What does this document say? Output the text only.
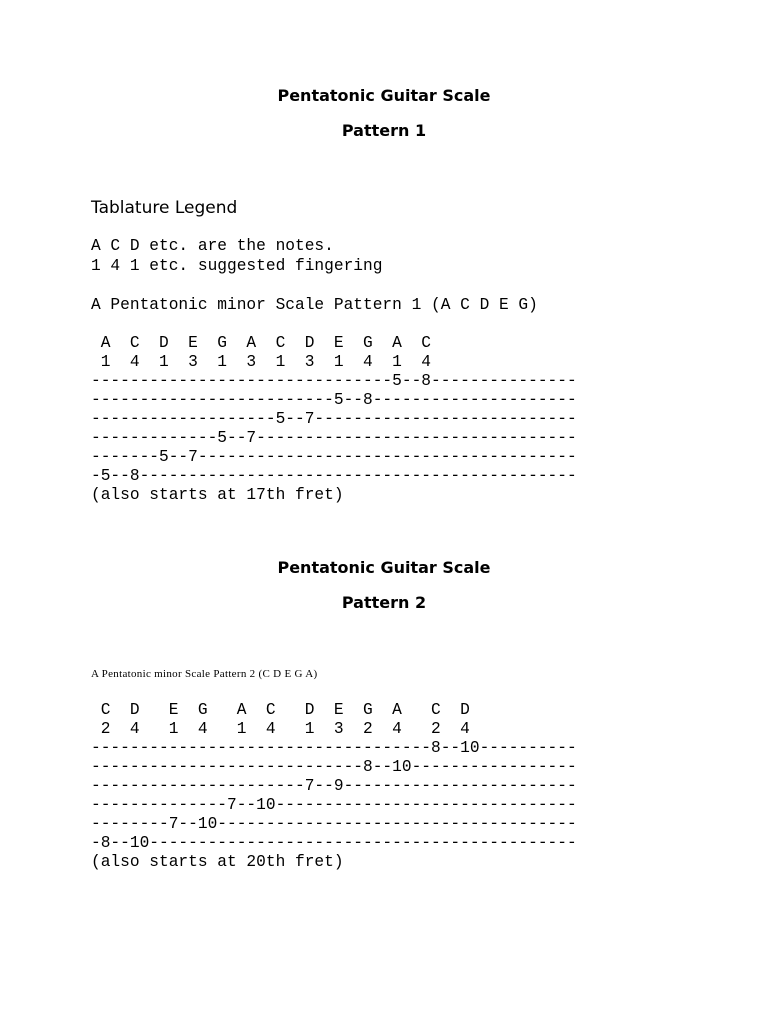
Pentatonic Guitar Scale
Pattern 1
Tablature Legend
A C D etc. are the notes.
1 4 1 etc. suggested fingering
A Pentatonic minor Scale Pattern 1 (A C D E G)
A  C  D  E  G  A  C  D  E  G  A  C
1  4  1  3  1  3  1  3  1  4  1  4
-------------------------------5--8---------------
-------------------------5--8---------------------
-------------------5--7---------------------------
-------------5--7---------------------------------
-------5--7---------------------------------------
-5--8---------------------------------------------
(also starts at 17th fret)
Pentatonic Guitar Scale
Pattern 2
A Pentatonic minor Scale Pattern 2 (C D E G A)
C  D   E  G   A  C   D  E  G  A   C  D
2  4   1  4   1  4   1  3  2  4   2  4
-----------------------------------8--10----------
----------------------------8--10-----------------
----------------------7--9------------------------
--------------7--10-------------------------------
--------7--10-------------------------------------
-8--10--------------------------------------------
(also starts at 20th fret)
